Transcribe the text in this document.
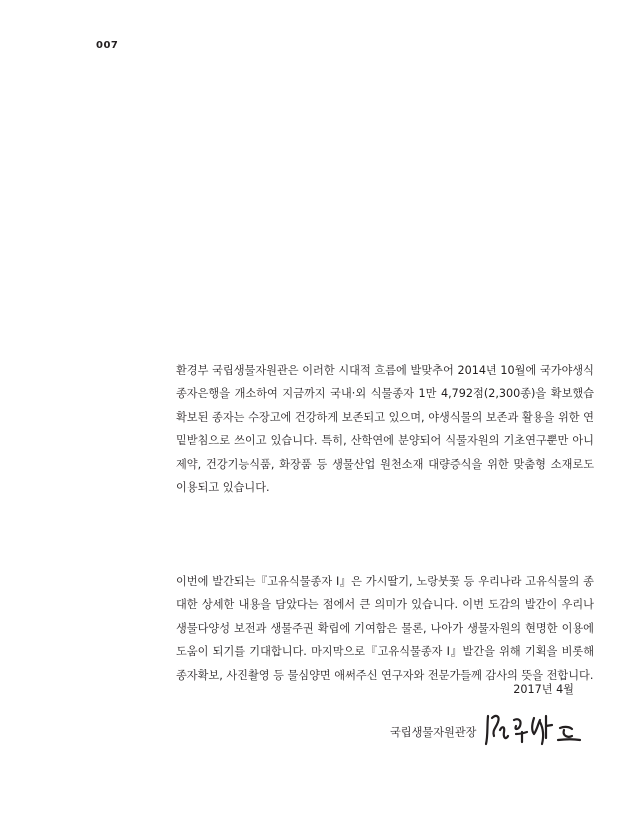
007
환경부 국립생물자원관은 이러한 시대적 흐름에 발맞추어 2014년 10월에 국가야생식
종자은행을 개소하여 지금까지 국내·외 식물종자 1만 4,792점(2,300종)을 확보했습
확보된 종자는 수장고에 건강하게 보존되고 있으며, 야생식물의 보존과 활용을 위한 연
밑받침으로 쓰이고 있습니다. 특히, 산학연에 분양되어 식물자원의 기초연구뿐만 아니
제약, 건강기능식품, 화장품 등 생물산업 원천소재 대량증식을 위한 맞춤형 소재로도
이용되고 있습니다.
이번에 발간되는『고유식물종자 Ⅰ』은 가시딸기, 노랑붓꽃 등 우리나라 고유식물의 종
대한 상세한 내용을 담았다는 점에서 큰 의미가 있습니다. 이번 도감의 발간이 우리나
생물다양성 보전과 생물주권 확립에 기여함은 물론, 나아가 생물자원의 현명한 이용에
도움이 되기를 기대합니다. 마지막으로『고유식물종자 Ⅰ』발간을 위해 기획을 비롯해
종자확보, 사진촬영 등 물심양면 애써주신 연구자와 전문가들께 감사의 뜻을 전합니다.
2017년 4월
국립생물자원관장
